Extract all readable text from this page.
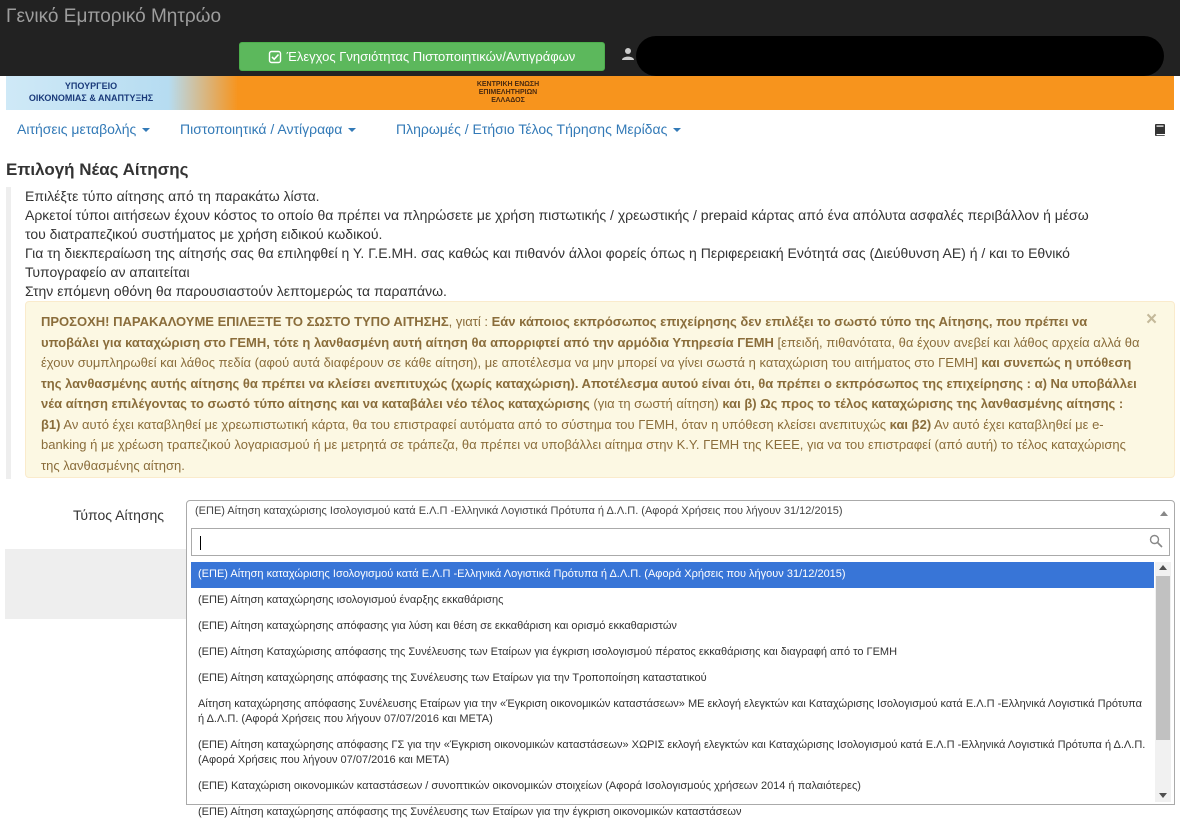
Γενικό Εμπορικό Μητρώο
Έλεγχος Γνησιότητας Πιστοποιητικών/Αντιγράφων
ΥΠΟΥΡΓΕΙΟ
ΟΙΚΟΝΟΜΙΑΣ & ΑΝΑΠΤΥΞΗΣ
ΚΕΝΤΡΙΚΗ ΕΝΩΣΗ
ΕΠΙΜΕΛΗΤΗΡΙΩΝ
ΕΛΛΑΔΟΣ
Αιτήσεις μεταβολής	Πιστοποιητικά / Αντίγραφα	Πληρωμές / Ετήσιο Τέλος Τήρησης Μερίδας
Επιλογή Νέας Αίτησης
Επιλέξτε τύπο αίτησης από τη παρακάτω λίστα.
Αρκετοί τύποι αιτήσεων έχουν κόστος το οποίο θα πρέπει να πληρώσετε με χρήση πιστωτικής / χρεωστικής / prepaid κάρτας από ένα απόλυτα ασφαλές περιβάλλον ή μέσω
του διατραπεζικού συστήματος με χρήση ειδικού κωδικού.
Για τη διεκπεραίωση της αίτησής σας θα επιληφθεί η Υ. Γ.Ε.ΜΗ. σας καθώς και πιθανόν άλλοι φορείς όπως η Περιφερειακή Ενότητά σας (Διεύθυνση ΑΕ) ή / και το Εθνικό
Τυπογραφείο αν απαιτείται
Στην επόμενη οθόνη θα παρουσιαστούν λεπτομερώς τα παραπάνω.
ΠΡΟΣΟΧΗ! ΠΑΡΑΚΑΛΟΥΜΕ ΕΠΙΛΕΞΤΕ ΤΟ ΣΩΣΤΟ ΤΥΠΟ ΑΙΤΗΣΗΣ, γιατί : Εάν κάποιος εκπρόσωπος επιχείρησης δεν επιλέξει το σωστό τύπο της Αίτησης, που πρέπει να υποβάλει για καταχώριση στο ΓΕΜΗ, τότε η λανθασμένη αυτή αίτηση θα απορριφτεί από την αρμόδια Υπηρεσία ΓΕΜΗ [επειδή, πιθανότατα, θα έχουν ανεβεί και λάθος αρχεία αλλά θα έχουν συμπληρωθεί και λάθος πεδία (αφού αυτά διαφέρουν σε κάθε αίτηση), με αποτέλεσμα να μην μπορεί να γίνει σωστά η καταχώριση του αιτήματος στο ΓΕΜΗ] και συνεπώς η υπόθεση της λανθασμένης αυτής αίτησης θα πρέπει να κλείσει ανεπιτυχώς (χωρίς καταχώριση). Αποτέλεσμα αυτού είναι ότι, θα πρέπει ο εκπρόσωπος της επιχείρησης : α) Να υποβάλλει νέα αίτηση επιλέγοντας το σωστό τύπο αίτησης και να καταβάλει νέο τέλος καταχώρισης (για τη σωστή αίτηση) και β) Ως προς το τέλος καταχώρισης της λανθασμένης αίτησης : β1) Αν αυτό έχει καταβληθεί με χρεωπιστωτική κάρτα, θα του επιστραφεί αυτόματα από το σύστημα του ΓΕΜΗ, όταν η υπόθεση κλείσει ανεπιτυχώς και β2) Αν αυτό έχει καταβληθεί με e-banking ή με χρέωση τραπεζικού λογαριασμού ή με μετρητά σε τράπεζα, θα πρέπει να υποβάλλει αίτημα στην Κ.Υ. ΓΕΜΗ της ΚΕΕΕ, για να του επιστραφεί (από αυτή) το τέλος καταχώρισης της λανθασμένης αίτηση.
×
Τύπος Αίτησης	(ΕΠΕ) Αίτηση καταχώρισης Ισολογισμού κατά Ε.Λ.Π -Ελληνικά Λογιστικά Πρότυπα ή Δ.Λ.Π. (Αφορά Χρήσεις που λήγουν 31/12/2015)
(ΕΠΕ) Αίτηση καταχώρισης Ισολογισμού κατά Ε.Λ.Π -Ελληνικά Λογιστικά Πρότυπα ή Δ.Λ.Π. (Αφορά Χρήσεις που λήγουν 31/12/2015)
(ΕΠΕ) Αίτηση καταχώρησης ισολογισμού έναρξης εκκαθάρισης
(ΕΠΕ) Αίτηση καταχώρησης απόφασης για λύση και θέση σε εκκαθάριση και ορισμό εκκαθαριστών
(ΕΠΕ) Αίτηση Καταχώρισης απόφασης της Συνέλευσης των Εταίρων για έγκριση ισολογισμού πέρατος εκκαθάρισης και διαγραφή από το ΓΕΜΗ
(ΕΠΕ) Αίτηση καταχώρησης απόφασης της Συνέλευσης των Εταίρων για την Τροποποίηση καταστατικού
Αίτηση καταχώρησης απόφασης Συνέλευσης Εταίρων για την «Έγκριση οικονομικών καταστάσεων» ΜΕ εκλογή ελεγκτών και Καταχώρισης Ισολογισμού κατά Ε.Λ.Π -Ελληνικά Λογιστικά Πρότυπα ή Δ.Λ.Π. (Αφορά Χρήσεις που λήγουν 07/07/2016 και ΜΕΤΑ)
(ΕΠΕ) Αίτηση καταχώρησης απόφασης ΓΣ για την «Έγκριση οικονομικών καταστάσεων» ΧΩΡΙΣ εκλογή ελεγκτών και Καταχώρισης Ισολογισμού κατά Ε.Λ.Π -Ελληνικά Λογιστικά Πρότυπα ή Δ.Λ.Π. (Αφορά Χρήσεις που λήγουν 07/07/2016 και ΜΕΤΑ)
(ΕΠΕ) Καταχώριση οικονομικών καταστάσεων / συνοπτικών οικονομικών στοιχείων (Αφορά Ισολογισμούς χρήσεων 2014 ή παλαιότερες)
(ΕΠΕ) Αίτηση καταχώρησης απόφασης της Συνέλευσης των Εταίρων για την έγκριση οικονομικών καταστάσεων
